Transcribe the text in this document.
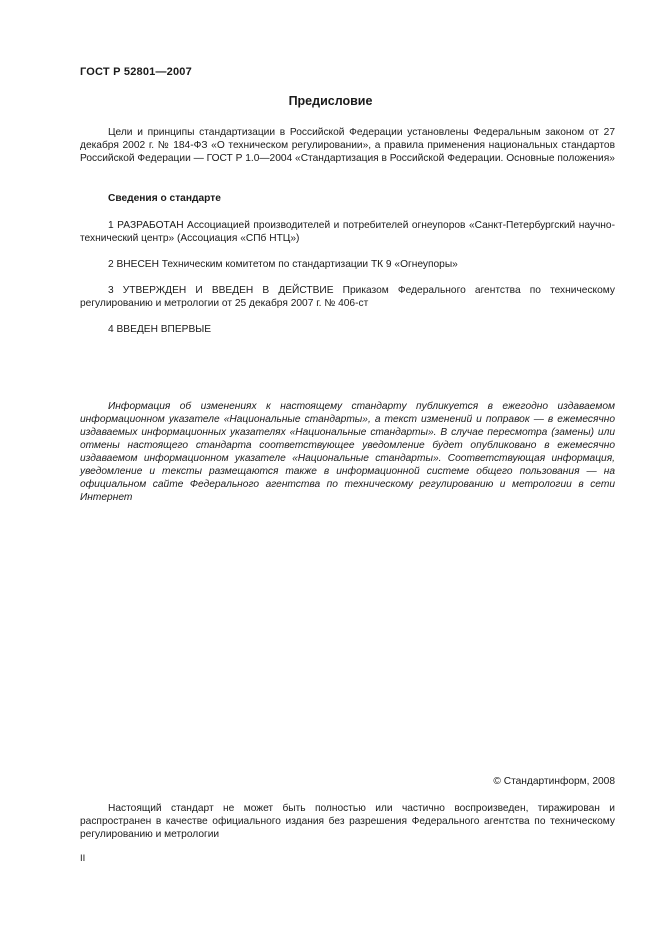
ГОСТ Р 52801—2007
Предисловие

Цели и принципы стандартизации в Российской Федерации установлены Федеральным законом от 27 декабря 2002 г. № 184-ФЗ «О техническом регулировании», а правила применения национальных стандартов Российской Федерации — ГОСТ Р 1.0—2004 «Стандартизация в Российской Федерации. Основные положения»

Сведения о стандарте

1 РАЗРАБОТАН Ассоциацией производителей и потребителей огнеупоров «Санкт-Петербургский научно-технический центр» (Ассоциация «СПб НТЦ»)

2 ВНЕСЕН Техническим комитетом по стандартизации ТК 9 «Огнеупоры»

3 УТВЕРЖДЕН И ВВЕДЕН В ДЕЙСТВИЕ Приказом Федерального агентства по техническому регулированию и метрологии от 25 декабря 2007 г. № 406-ст

4 ВВЕДЕН ВПЕРВЫЕ

Информация об изменениях к настоящему стандарту публикуется в ежегодно издаваемом информационном указателе «Национальные стандарты», а текст изменений и поправок — в ежемесячно издаваемых информационных указателях «Национальные стандарты». В случае пересмотра (замены) или отмены настоящего стандарта соответствующее уведомление будет опубликовано в ежемесячно издаваемом информационном указателе «Национальные стандарты». Соответствующая информация, уведомление и тексты размещаются также в информационной системе общего пользования — на официальном сайте Федерального агентства по техническому регулированию и метрологии в сети Интернет

© Стандартинформ, 2008

Настоящий стандарт не может быть полностью или частично воспроизведен, тиражирован и распространен в качестве официального издания без разрешения Федерального агентства по техническому регулированию и метрологии

II
